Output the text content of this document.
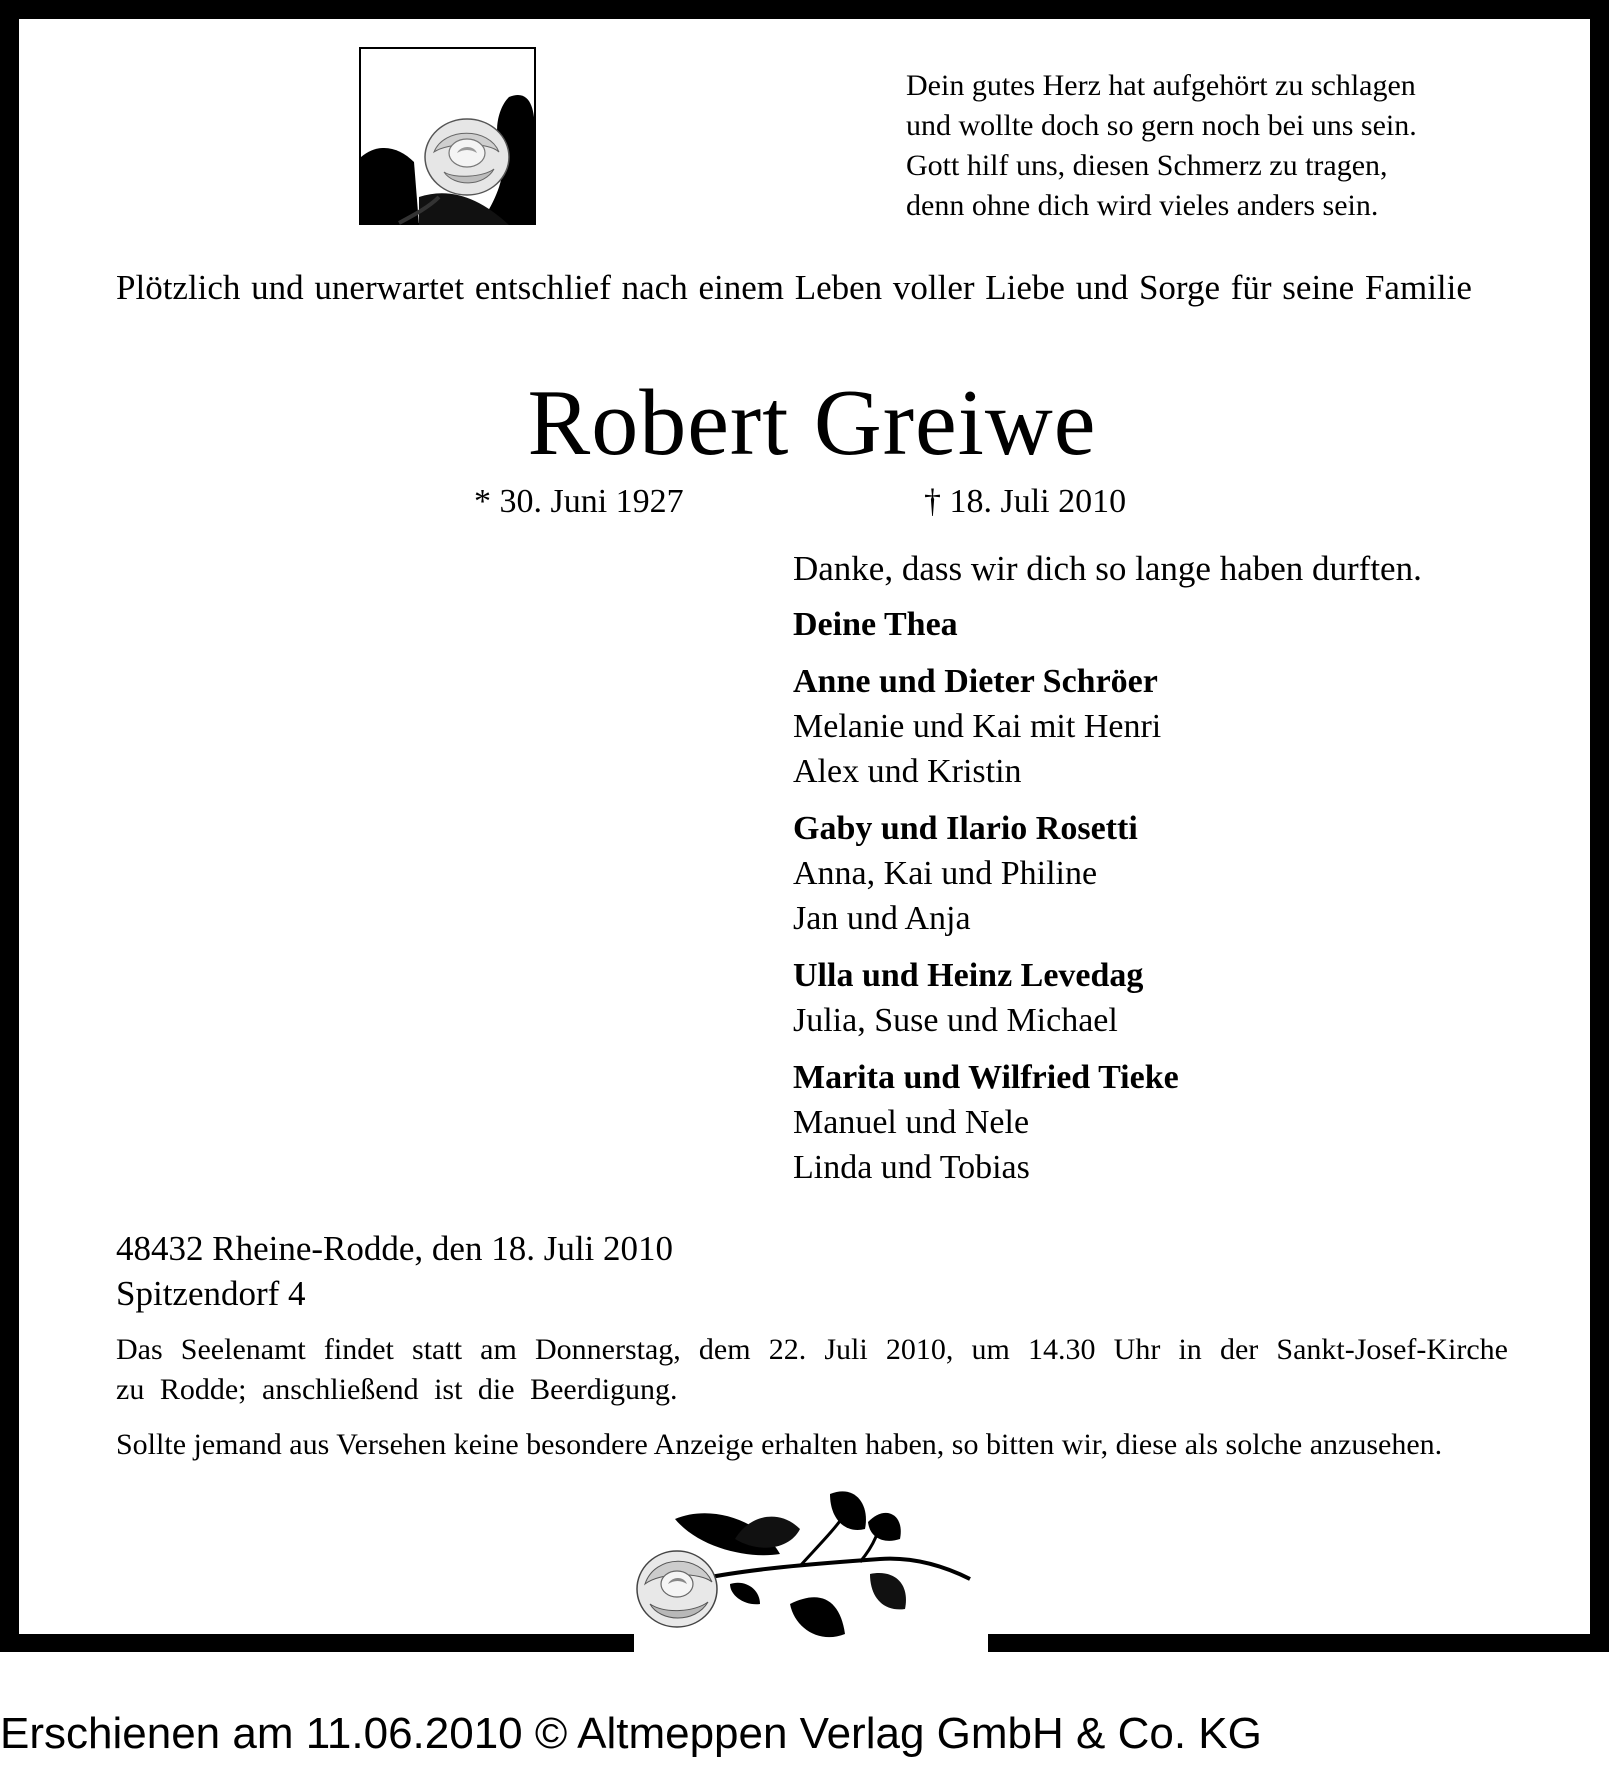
Dein gutes Herz hat aufgehört zu schlagen
und wollte doch so gern noch bei uns sein.
Gott hilf uns, diesen Schmerz zu tragen,
denn ohne dich wird vieles anders sein.
Plötzlich und unerwartet entschlief nach einem Leben voller Liebe und Sorge für seine Familie
Robert Greiwe
* 30. Juni 1927	† 18. Juli 2010
Danke, dass wir dich so lange haben durften.
Deine Thea
Anne und Dieter Schröer
Melanie und Kai mit Henri
Alex und Kristin
Gaby und Ilario Rosetti
Anna, Kai und Philine
Jan und Anja
Ulla und Heinz Levedag
Julia, Suse und Michael
Marita und Wilfried Tieke
Manuel und Nele
Linda und Tobias
48432 Rheine-Rodde, den 18. Juli 2010
Spitzendorf 4
Das Seelenamt findet statt am Donnerstag, dem 22. Juli 2010, um 14.30 Uhr in der Sankt-Josef-Kirche zu Rodde; anschließend ist die Beerdigung.
Sollte jemand aus Versehen keine besondere Anzeige erhalten haben, so bitten wir, diese als solche anzusehen.
Erschienen am 11.06.2010 © Altmeppen Verlag GmbH & Co. KG
